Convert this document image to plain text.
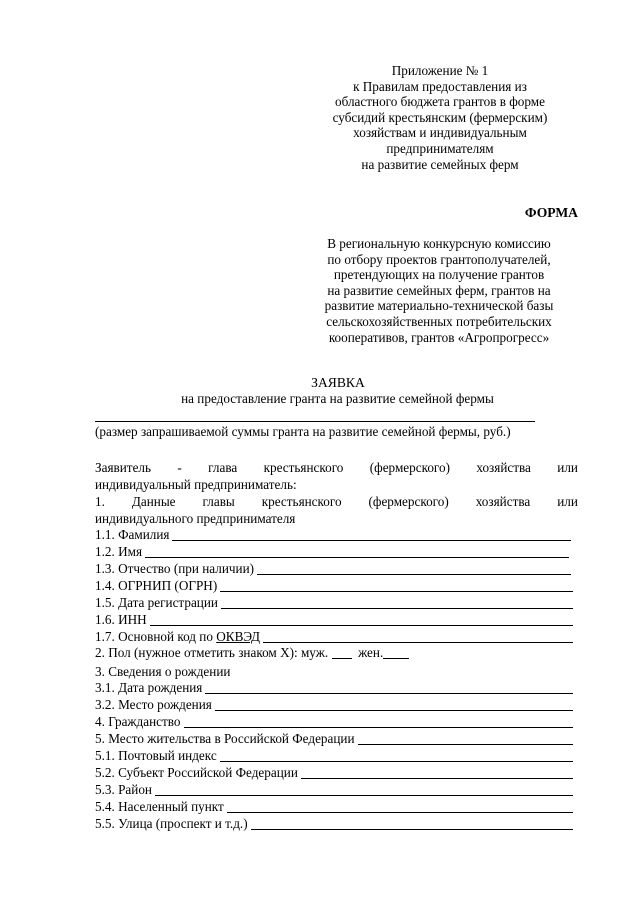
Приложение № 1
к Правилам предоставления из
областного бюджета грантов в форме
субсидий крестьянским (фермерским)
хозяйствам и индивидуальным
предпринимателям
на развитие семейных ферм
ФОРМА
В региональную конкурсную комиссию
по отбору проектов грантополучателей,
претендующих на получение грантов
на развитие семейных ферм, грантов на
развитие материально-технической базы
сельскохозяйственных потребительских
кооперативов, грантов «Агропрогресс»
ЗАЯВКА
на предоставление гранта на развитие семейной фермы
(размер запрашиваемой суммы гранта на развитие семейной фермы, руб.)
Заявитель - глава крестьянского (фермерского) хозяйства или
индивидуальный предприниматель:
1. Данные главы крестьянского (фермерского) хозяйства или
индивидуального предпринимателя
1.1. Фамилия
1.2. Имя
1.3. Отчество (при наличии)
1.4. ОГРНИП (ОГРН)
1.5. Дата регистрации
1.6. ИНН
1.7. Основной код по ОКВЭД
2. Пол (нужное отметить знаком Х): муж. жен.
3. Сведения о рождении
3.1. Дата рождения
3.2. Место рождения
4. Гражданство
5. Место жительства в Российской Федерации
5.1. Почтовый индекс
5.2. Субъект Российской Федерации
5.3. Район
5.4. Населенный пункт
5.5. Улица (проспект и т.д.)
